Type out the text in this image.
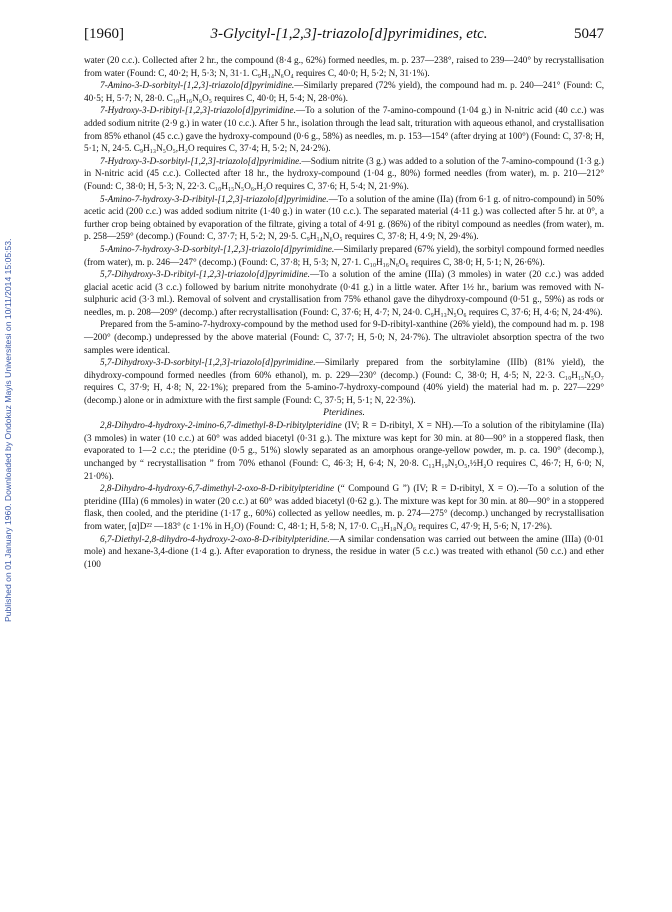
Published on 01 January 1960. Downloaded by Ondokuz Mayis Universitesi on 10/11/2014 15:05:53.
[1960]	3-Glycityl-[1,2,3]-triazolo[d]pyrimidines, etc.	5047

water (20 c.c.). Collected after 2 hr., the compound (8·4 g., 62%) formed needles, m. p. 237—238°, raised to 239—240° by recrystallisation from water (Found: C, 40·2; H, 5·3; N, 31·1. C₉H₁₄N₆O₄ requires C, 40·0; H, 5·2; N, 31·1%).

7-Amino-3-D-sorbityl-[1,2,3]-triazolo[d]pyrimidine.—Similarly prepared (72% yield), the compound had m. p. 240—241° (Found: C, 40·5; H, 5·7; N, 28·0. C₁₀H₁₆N₆O₅ requires C, 40·0; H, 5·4; N, 28·0%).

7-Hydroxy-3-D-ribityl-[1,2,3]-triazolo[d]pyrimidine.—To a solution of the 7-amino-compound (1·04 g.) in N-nitric acid (40 c.c.) was added sodium nitrite (2·9 g.) in water (10 c.c.). After 5 hr., isolation through the lead salt, trituration with aqueous ethanol, and crystallisation from 85% ethanol (45 c.c.) gave the hydroxy-compound (0·6 g., 58%) as needles, m. p. 153—154° (after drying at 100°) (Found: C, 37·8; H, 5·1; N, 24·5. C₉H₁₃N₅O₅,H₂O requires C, 37·4; H, 5·2; N, 24·2%).

7-Hydroxy-3-D-sorbityl-[1,2,3]-triazolo[d]pyrimidine.—Sodium nitrite (3 g.) was added to a solution of the 7-amino-compound (1·3 g.) in N-nitric acid (45 c.c.). Collected after 18 hr., the hydroxy-compound (1·04 g., 80%) formed needles (from water), m. p. 210—212° (Found: C, 38·0; H, 5·3; N, 22·3. C₁₀H₁₅N₅O₆,H₂O requires C, 37·6; H, 5·4; N, 21·9%).

5-Amino-7-hydroxy-3-D-ribityl-[1,2,3]-triazolo[d]pyrimidine.—To a solution of the amine (IIa) (from 6·1 g. of nitro-compound) in 50% acetic acid (200 c.c.) was added sodium nitrite (1·40 g.) in water (10 c.c.). The separated material (4·11 g.) was collected after 5 hr. at 0°, a further crop being obtained by evaporation of the filtrate, giving a total of 4·91 g. (86%) of the ribityl compound as needles (from water), m. p. 258—259° (decomp.) (Found: C, 37·7; H, 5·2; N, 29·5. C₉H₁₄N₆O₅ requires C, 37·8; H, 4·9; N, 29·4%).

5-Amino-7-hydroxy-3-D-sorbityl-[1,2,3]-triazolo[d]pyrimidine.—Similarly prepared (67% yield), the sorbityl compound formed needles (from water), m. p. 246—247° (decomp.) (Found: C, 37·8; H, 5·3; N, 27·1. C₁₀H₁₆N₆O₆ requires C, 38·0; H, 5·1; N, 26·6%).

5,7-Dihydroxy-3-D-ribityl-[1,2,3]-triazolo[d]pyrimidine.—To a solution of the amine (IIIa) (3 mmoles) in water (20 c.c.) was added glacial acetic acid (3 c.c.) followed by barium nitrite monohydrate (0·41 g.) in a little water. After 1½ hr., barium was removed with N-sulphuric acid (3·3 ml.). Removal of solvent and crystallisation from 75% ethanol gave the dihydroxy-compound (0·51 g., 59%) as rods or needles, m. p. 208—209° (decomp.) after recrystallisation (Found: C, 37·6; H, 4·7; N, 24·0. C₉H₁₃N₅O₆ requires C, 37·6; H, 4·6; N, 24·4%).

Prepared from the 5-amino-7-hydroxy-compound by the method used for 9-D-ribityl-xanthine (26% yield), the compound had m. p. 198—200° (decomp.) undepressed by the above material (Found: C, 37·7; H, 5·0; N, 24·7%). The ultraviolet absorption spectra of the two samples were identical.

5,7-Dihydroxy-3-D-sorbityl-[1,2,3]-triazolo[d]pyrimidine.—Similarly prepared from the sorbitylamine (IIIb) (81% yield), the dihydroxy-compound formed needles (from 60% ethanol), m. p. 229—230° (decomp.) (Found: C, 38·0; H, 4·5; N, 22·3. C₁₀H₁₅N₅O₇ requires C, 37·9; H, 4·8; N, 22·1%); prepared from the 5-amino-7-hydroxy-compound (40% yield) the material had m. p. 227—229° (decomp.) alone or in admixture with the first sample (Found: C, 37·5; H, 5·1; N, 22·3%).

Pteridines.

2,8-Dihydro-4-hydroxy-2-imino-6,7-dimethyl-8-D-ribitylpteridine (IV; R = D-ribityl, X = NH).—To a solution of the ribitylamine (IIa) (3 mmoles) in water (10 c.c.) at 60° was added biacetyl (0·31 g.). The mixture was kept for 30 min. at 80—90° in a stoppered flask, then evaporated to 1—2 c.c.; the pteridine (0·5 g., 51%) slowly separated as an amorphous orange-yellow powder, m. p. ca. 190° (decomp.), unchanged by “ recrystallisation ” from 70% ethanol (Found: C, 46·3; H, 6·4; N, 20·8. C₁₃H₁₉N₅O₅,½H₂O requires C, 46·7; H, 6·0; N, 21·0%).

2,8-Dihydro-4-hydroxy-6,7-dimethyl-2-oxo-8-D-ribitylpteridine (“ Compound G ”) (IV; R = D-ribityl, X = O).—To a solution of the pteridine (IIIa) (6 mmoles) in water (20 c.c.) at 60° was added biacetyl (0·62 g.). The mixture was kept for 30 min. at 80—90° in a stoppered flask, then cooled, and the pteridine (1·17 g., 60%) collected as yellow needles, m. p. 274—275° (decomp.) unchanged by recrystallisation from water, [α]D²² —183° (c 1·1% in H₂O) (Found: C, 48·1; H, 5·8; N, 17·0. C₁₃H₁₈N₄O₆ requires C, 47·9; H, 5·6; N, 17·2%).

6,7-Diethyl-2,8-dihydro-4-hydroxy-2-oxo-8-D-ribitylpteridine.—A similar condensation was carried out between the amine (IIIa) (0·01 mole) and hexane-3,4-dione (1·4 g.). After evaporation to dryness, the residue in water (5 c.c.) was treated with ethanol (50 c.c.) and ether (100
